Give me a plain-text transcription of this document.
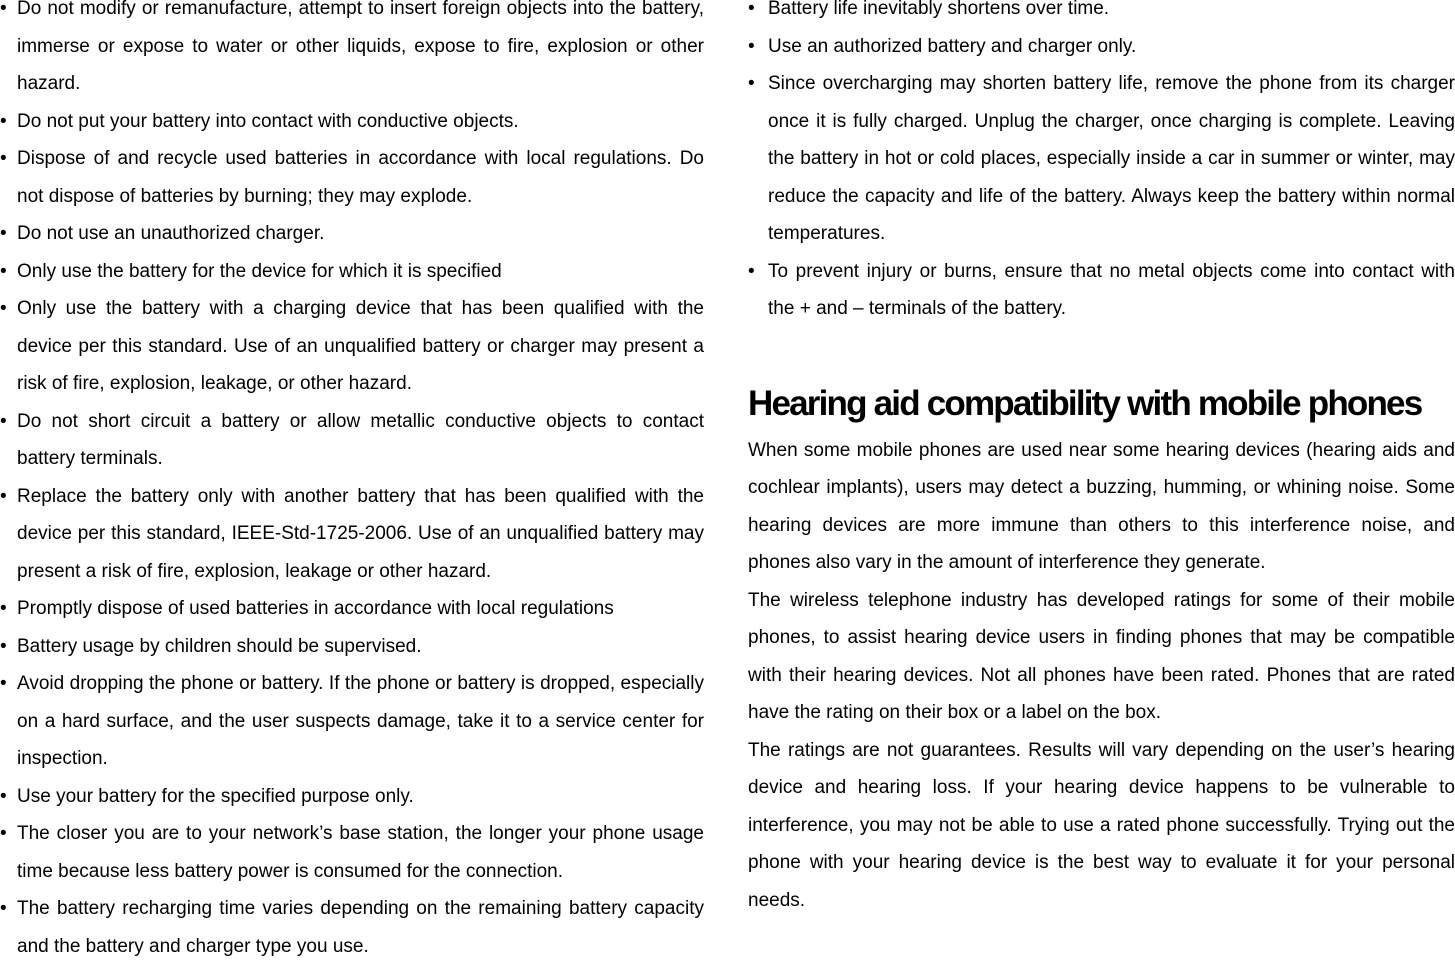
• Do not modify or remanufacture, attempt to insert foreign objects into the battery, immerse or expose to water or other liquids, expose to fire, explosion or other hazard.
• Do not put your battery into contact with conductive objects.
• Dispose of and recycle used batteries in accordance with local regulations. Do not dispose of batteries by burning; they may explode.
• Do not use an unauthorized charger.
• Only use the battery for the device for which it is specified
• Only use the battery with a charging device that has been qualified with the device per this standard. Use of an unqualified battery or charger may present a risk of fire, explosion, leakage, or other hazard.
• Do not short circuit a battery or allow metallic conductive objects to contact battery terminals.
• Replace the battery only with another battery that has been qualified with the device per this standard, IEEE-Std-1725-2006. Use of an unqualified battery may present a risk of fire, explosion, leakage or other hazard.
• Promptly dispose of used batteries in accordance with local regulations
• Battery usage by children should be supervised.
• Avoid dropping the phone or battery. If the phone or battery is dropped, especially on a hard surface, and the user suspects damage, take it to a service center for inspection.
• Use your battery for the specified purpose only.
• The closer you are to your network’s base station, the longer your phone usage time because less battery power is consumed for the connection.
• The battery recharging time varies depending on the remaining battery capacity and the battery and charger type you use.
• Battery life inevitably shortens over time.
• Use an authorized battery and charger only.
• Since overcharging may shorten battery life, remove the phone from its charger once it is fully charged. Unplug the charger, once charging is complete. Leaving the battery in hot or cold places, especially inside a car in summer or winter, may reduce the capacity and life of the battery. Always keep the battery within normal temperatures.
• To prevent injury or burns, ensure that no metal objects come into contact with the + and – terminals of the battery.
Hearing aid compatibility with mobile phones

When some mobile phones are used near some hearing devices (hearing aids and cochlear implants), users may detect a buzzing, humming, or whining noise. Some hearing devices are more immune than others to this interference noise, and phones also vary in the amount of interference they generate.

The wireless telephone industry has developed ratings for some of their mobile phones, to assist hearing device users in finding phones that may be compatible with their hearing devices. Not all phones have been rated. Phones that are rated have the rating on their box or a label on the box.

The ratings are not guarantees. Results will vary depending on the user’s hearing device and hearing loss. If your hearing device happens to be vulnerable to interference, you may not be able to use a rated phone successfully. Trying out the phone with your hearing device is the best way to evaluate it for your personal needs.
